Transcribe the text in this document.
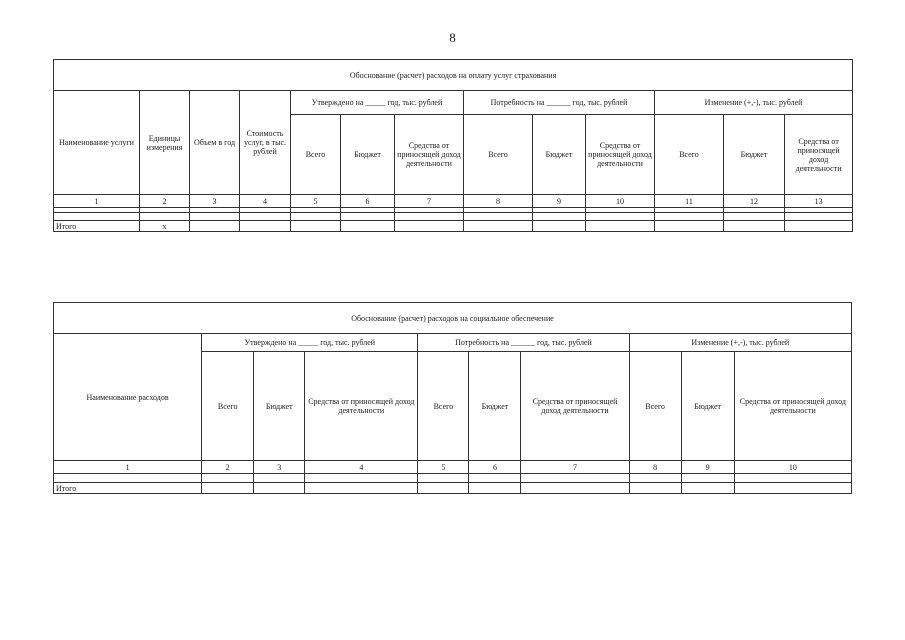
8
Обоснование (расчет) расходов на оплату услуг страхования												
Наименование услуги	Единицы измерения	Объем в год	Стоимость услуг, в тыс. рублей	Утверждено на _____ год, тыс. рублей			Потребность на ______ год, тыс. рублей			Изменение (+,-), тыс. рублей		
				Всего	Бюджет	Средства от приносящей доход деятельности	Всего	Бюджет	Средства от приносящей доход деятельности	Всего	Бюджет	Средства от приносящей доход деятельности
1	2	3	4	5	6	7	8	9	10	11	12	13

Итого	x											
Обоснование (расчет) расходов на социальное обеспечение									
Наименование расходов	Утверждено на _____ год, тыс. рублей			Потребность на ______ год, тыс. рублей			Изменение (+,-), тыс. рублей		
	Всего	Бюджет	Средства от приносящей доход деятельности	Всего	Бюджет	Средства от приносящей доход деятельности	Всего	Бюджет	Средства от приносящей доход деятельности
1	2	3	4	5	6	7	8	9	10

Итого									
